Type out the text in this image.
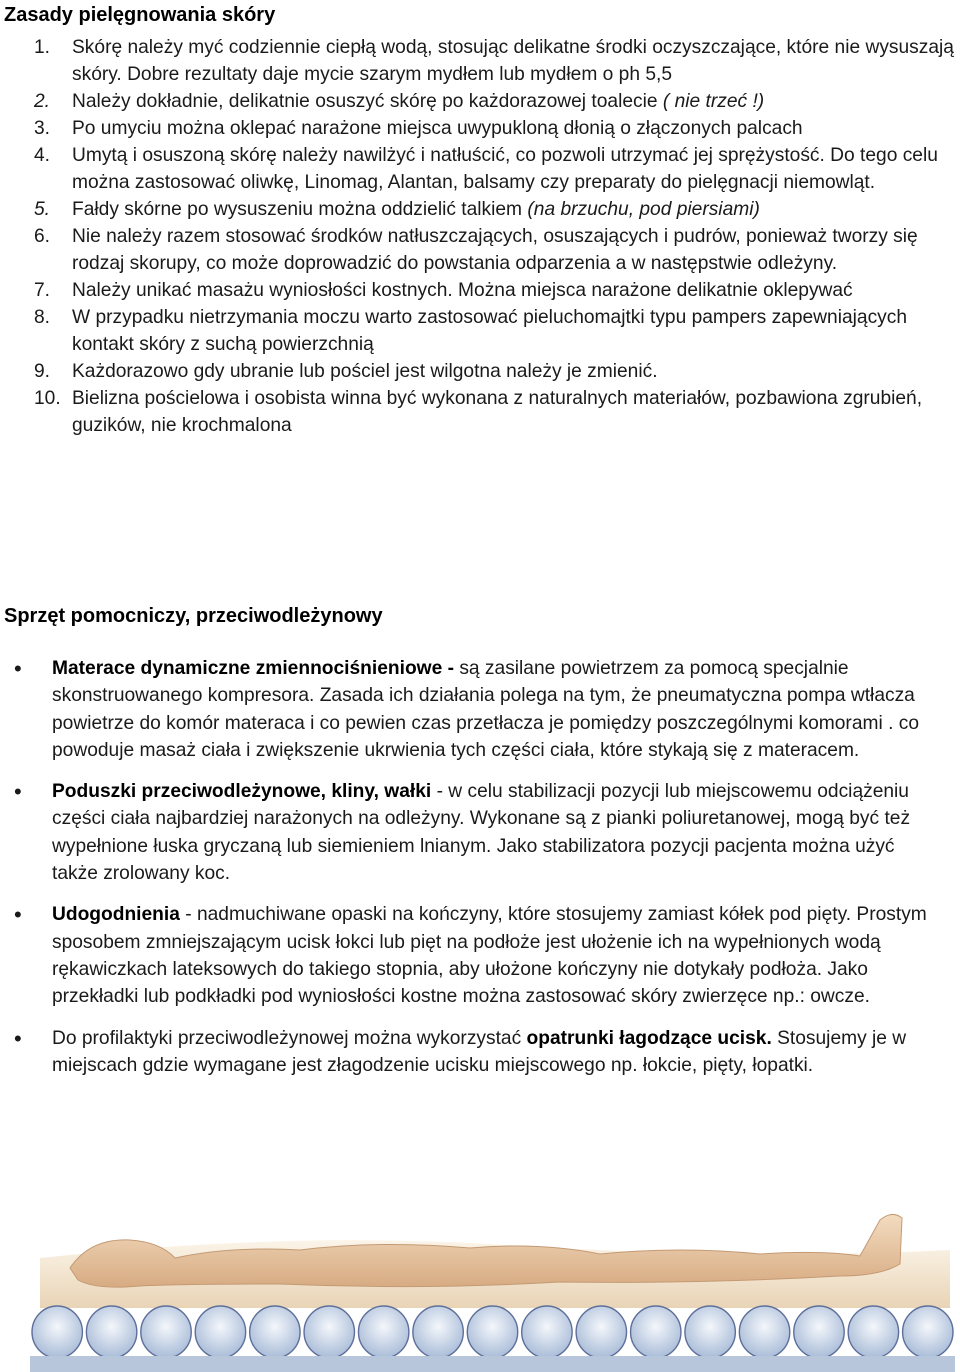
Zasady pielęgnowania skóry
1. Skórę należy myć codziennie ciepłą wodą, stosując delikatne środki oczyszczające, które nie wysuszają skóry. Dobre rezultaty daje mycie szarym mydłem lub mydłem o ph 5,5
2. Należy dokładnie, delikatnie osuszyć skórę po każdorazowej toalecie ( nie trzeć !)
3. Po umyciu można oklepać narażone miejsca uwypukloną dłonią o złączonych palcach
4. Umytą i osuszoną skórę należy nawilżyć i natłuścić, co pozwoli utrzymać jej sprężystość. Do tego celu można zastosować oliwkę, Linomag, Alantan, balsamy czy preparaty do pielęgnacji niemowląt.
5. Fałdy skórne po wysuszeniu można oddzielić talkiem (na brzuchu, pod piersiami)
6. Nie należy razem stosować środków natłuszczających, osuszających i pudrów, ponieważ tworzy się rodzaj skorupy, co może doprowadzić do powstania odparzenia a w następstwie odleżyny.
7. Należy unikać masażu wyniosłości kostnych. Można miejsca narażone delikatnie oklepywać
8. W przypadku nietrzymania moczu warto zastosować pieluchomajtki typu pampers zapewniających kontakt skóry z suchą powierzchnią
9. Każdorazowo gdy ubranie lub pościel jest wilgotna należy je zmienić.
10. Bielizna pościelowa i osobista winna być wykonana z naturalnych materiałów, pozbawiona zgrubień, guzików, nie krochmalona
Sprzęt pomocniczy, przeciwodleżynowy
• Materace dynamiczne zmiennociśnieniowe - są zasilane powietrzem za pomocą specjalnie skonstruowanego kompresora. Zasada ich działania polega na tym, że pneumatyczna pompa wtłacza powietrze do komór materaca i co pewien czas przetłacza je pomiędzy poszczególnymi komorami . co powoduje masaż ciała i zwiększenie ukrwienia tych części ciała, które stykają się z materacem.
• Poduszki przeciwodleżynowe, kliny, wałki - w celu stabilizacji pozycji lub miejscowemu odciążeniu części ciała najbardziej narażonych na odleżyny. Wykonane są z pianki poliuretanowej, mogą być też wypełnione łuska gryczaną lub siemieniem lnianym. Jako stabilizatora pozycji pacjenta można użyć także zrolowany koc.
• Udogodnienia - nadmuchiwane opaski na kończyny, które stosujemy zamiast kółek pod pięty. Prostym sposobem zmniejszającym ucisk łokci lub pięt na podłoże jest ułożenie ich na wypełnionych wodą rękawiczkach lateksowych do takiego stopnia, aby ułożone kończyny nie dotykały podłoża. Jako przekładki lub podkładki pod wyniosłości kostne można zastosować skóry zwierzęce np.: owcze.
• Do profilaktyki przeciwodleżynowej można wykorzystać opatrunki łagodzące ucisk. Stosujemy je w miejscach gdzie wymagane jest złagodzenie ucisku miejscowego np. łokcie, pięty, łopatki.
